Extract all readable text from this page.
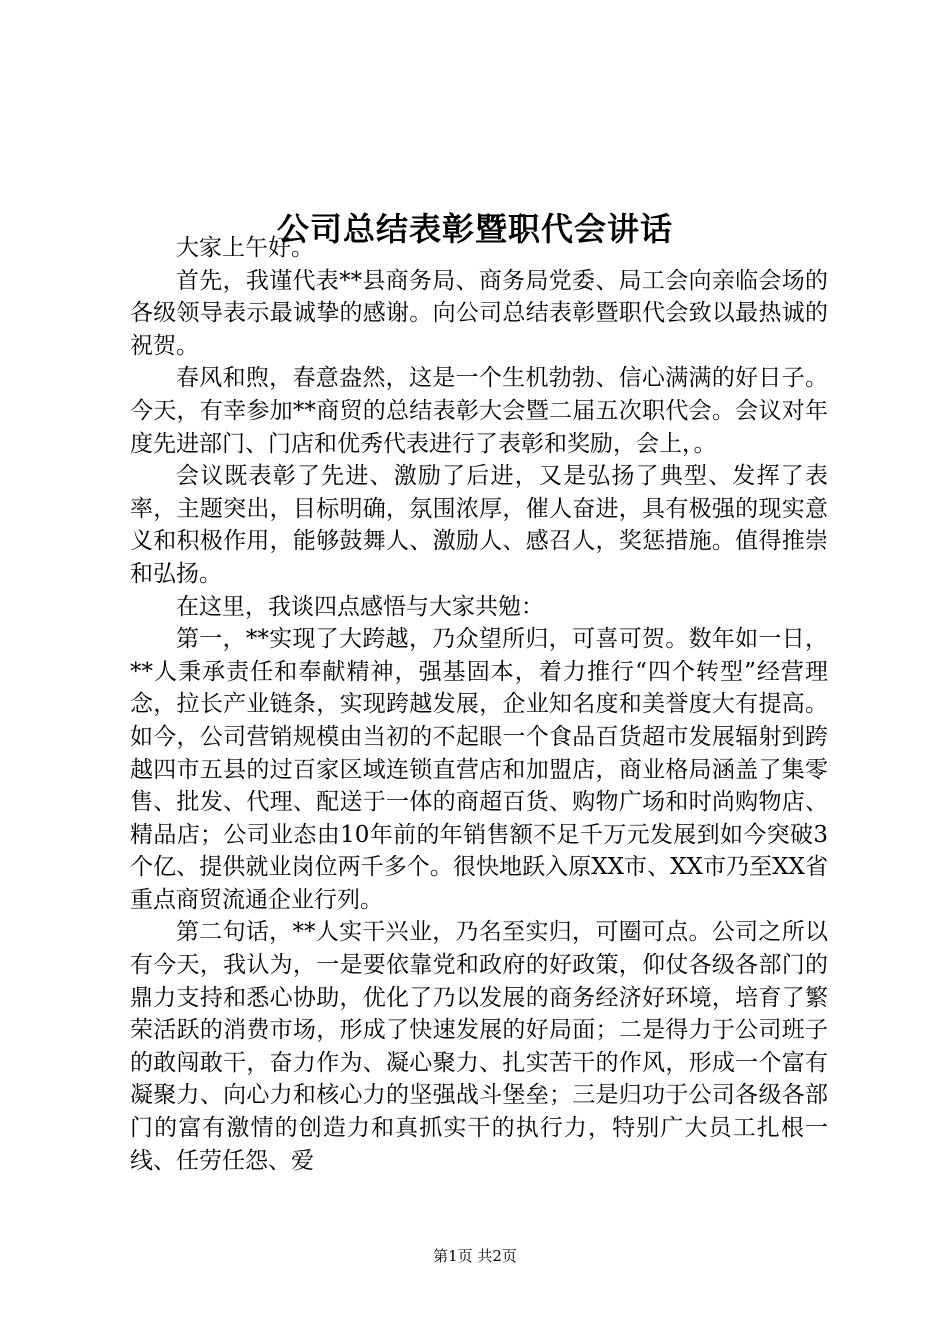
公司总结表彰暨职代会讲话

大家上午好。

首先，我谨代表**县商务局、商务局党委、局工会向亲临会场的各级领导表示最诚挚的感谢。向公司总结表彰暨职代会致以最热诚的祝贺。

春风和煦，春意盎然，这是一个生机勃勃、信心满满的好日子。今天，有幸参加**商贸的总结表彰大会暨二届五次职代会。会议对年度先进部门、门店和优秀代表进行了表彰和奖励，会上，。

会议既表彰了先进、激励了后进，又是弘扬了典型、发挥了表率，主题突出，目标明确，氛围浓厚，催人奋进，具有极强的现实意义和积极作用，能够鼓舞人、激励人、感召人，奖惩措施。值得推崇和弘扬。

在这里，我谈四点感悟与大家共勉：

第一，**实现了大跨越，乃众望所归，可喜可贺。数年如一日，**人秉承责任和奉献精神，强基固本，着力推行“四个转型”经营理念，拉长产业链条，实现跨越发展，企业知名度和美誉度大有提高。如今，公司营销规模由当初的不起眼一个食品百货超市发展辐射到跨越四市五县的过百家区域连锁直营店和加盟店，商业格局涵盖了集零售、批发、代理、配送于一体的商超百货、购物广场和时尚购物店、精品店；公司业态由10年前的年销售额不足千万元发展到如今突破3个亿、提供就业岗位两千多个。很快地跃入原XX市、XX市乃至XX省重点商贸流通企业行列。

第二句话，**人实干兴业，乃名至实归，可圈可点。公司之所以有今天，我认为，一是要依靠党和政府的好政策，仰仗各级各部门的鼎力支持和悉心协助，优化了乃以发展的商务经济好环境，培育了繁荣活跃的消费市场，形成了快速发展的好局面；二是得力于公司班子的敢闯敢干，奋力作为、凝心聚力、扎实苦干的作风，形成一个富有凝聚力、向心力和核心力的坚强战斗堡垒；三是归功于公司各级各部门的富有激情的创造力和真抓实干的执行力，特别广大员工扎根一线、任劳任怨、爱

第1页 共2页
